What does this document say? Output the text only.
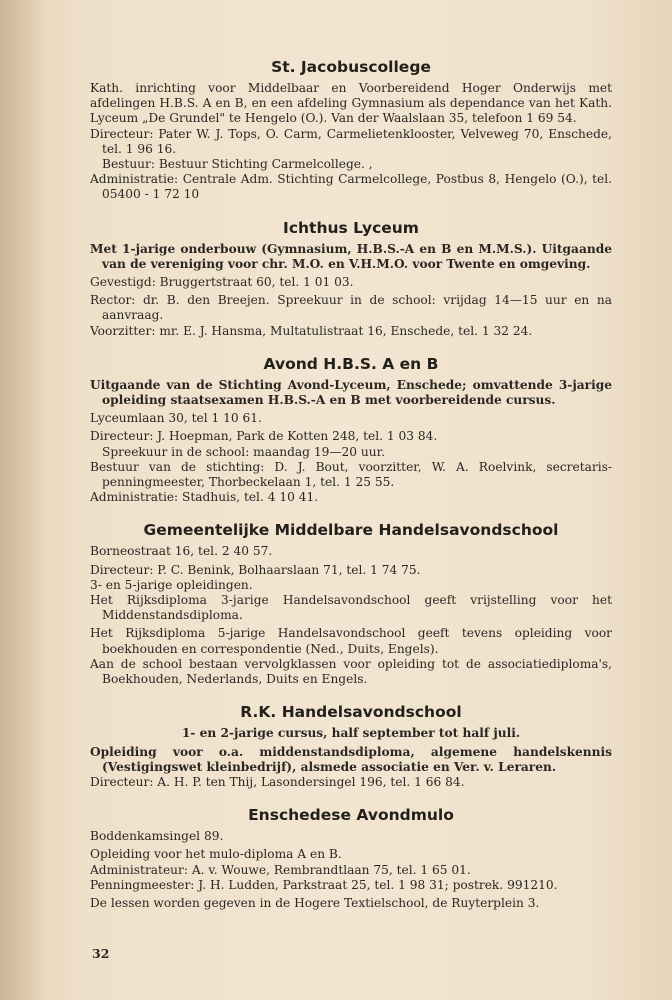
St. Jacobuscollege

Kath. inrichting voor Middelbaar en Voorbereidend Hoger Onderwijs met afdelingen H.B.S. A en B, en een afdeling Gymnasium als dependance van het Kath. Lyceum „De Grundel" te Hengelo (O.). Van der Waalslaan 35, telefoon 1 69 54.

Directeur: Pater W. J. Tops, O. Carm, Carmelietenklooster, Velveweg 70, Enschede, tel. 1 96 16.

Bestuur: Bestuur Stichting Carmelcollege. ,

Administratie: Centrale Adm. Stichting Carmelcollege, Postbus 8, Hengelo (O.), tel. 05400 - 1 72 10

Ichthus Lyceum

Met 1-jarige onderbouw (Gymnasium, H.B.S.-A en B en M.M.S.). Uitgaande van de vereniging voor chr. M.O. en V.H.M.O. voor Twente en omgeving.

Gevestigd: Bruggertstraat 60, tel. 1 01 03.

Rector: dr. B. den Breejen. Spreekuur in de school: vrijdag 14—15 uur en na aanvraag.

Voorzitter: mr. E. J. Hansma, Multatulistraat 16, Enschede, tel. 1 32 24.

Avond H.B.S. A en B

Uitgaande van de Stichting Avond-Lyceum, Enschede; omvattende 3-jarige opleiding staatsexamen H.B.S.-A en B met voorbereidende cursus.

Lyceumlaan 30, tel 1 10 61.

Directeur: J. Hoepman, Park de Kotten 248, tel. 1 03 84.

Spreekuur in de school: maandag 19—20 uur.

Bestuur van de stichting: D. J. Bout, voorzitter, W. A. Roelvink, secretaris-penningmeester, Thorbeckelaan 1, tel. 1 25 55.

Administratie: Stadhuis, tel. 4 10 41.

Gemeentelijke Middelbare Handelsavondschool

Borneostraat 16, tel. 2 40 57.

Directeur: P. C. Benink, Bolhaarslaan 71, tel. 1 74 75.

3- en 5-jarige opleidingen.

Het Rijksdiploma 3-jarige Handelsavondschool geeft vrijstelling voor het Middenstandsdiploma.

Het Rijksdiploma 5-jarige Handelsavondschool geeft tevens opleiding voor boekhouden en correspondentie (Ned., Duits, Engels).

Aan de school bestaan vervolgklassen voor opleiding tot de associatiediploma's, Boekhouden, Nederlands, Duits en Engels.

R.K. Handelsavondschool

1- en 2-jarige cursus, half september tot half juli.

Opleiding voor o.a. middenstandsdiploma, algemene handelskennis (Vestigingswet kleinbedrijf), alsmede associatie en Ver. v. Leraren.

Directeur: A. H. P. ten Thij, Lasondersingel 196, tel. 1 66 84.

Enschedese Avondmulo

Boddenkamsingel 89.

Opleiding voor het mulo-diploma A en B.

Administrateur: A. v. Wouwe, Rembrandtlaan 75, tel. 1 65 01.

Penningmeester: J. H. Ludden, Parkstraat 25, tel. 1 98 31; postrek. 991210.

De lessen worden gegeven in de Hogere Textielschool, de Ruyterplein 3.

32
